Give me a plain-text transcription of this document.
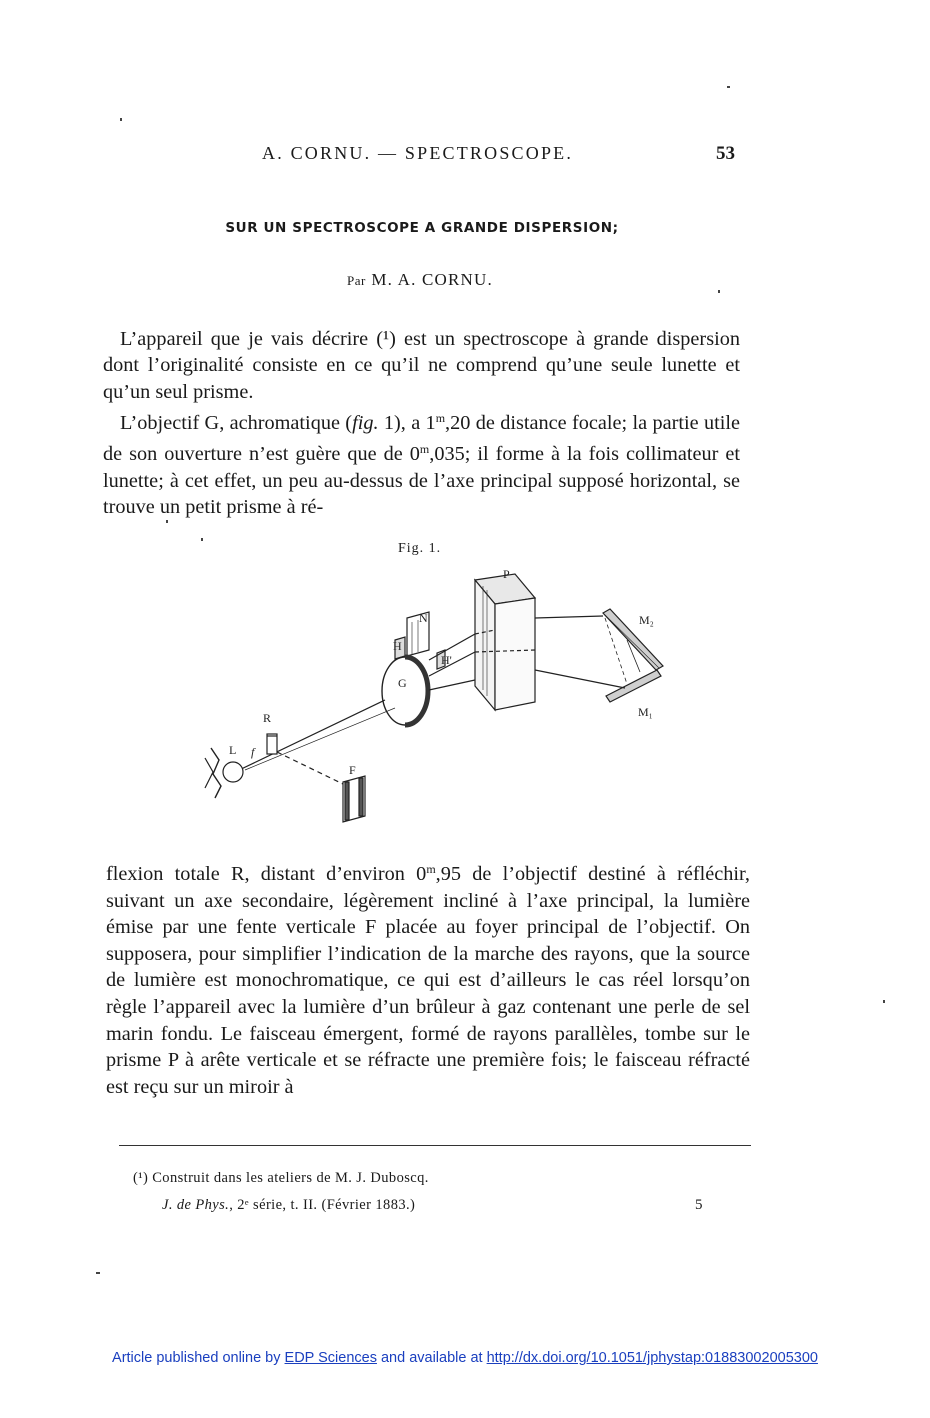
A. CORNU. — SPECTROSCOPE.	53
SUR UN SPECTROSCOPE A GRANDE DISPERSION;
Par M. A. CORNU.

L’appareil que je vais décrire (¹) est un spectroscope à grande dispersion dont l’originalité consiste en ce qu’il ne comprend qu’une seule lunette et qu’un seul prisme.

L’objectif G, achromatique (fig. 1), a 1$^m$,20 de distance focale; la partie utile de son ouverture n’est guère que de 0$^m$,035; il forme à la fois collimateur et lunette; à cet effet, un peu au-dessus de l’axe principal supposé horizontal, se trouve un petit prisme à ré-

Fig. 1.
P
N	M₂
M₁
H
H'
G
R
L f
F

flexion totale R, distant d’environ 0$^m$,95 de l’objectif destiné à réfléchir, suivant un axe secondaire, légèrement incliné à l’axe principal, la lumière émise par une fente verticale F placée au foyer principal de l’objectif. On supposera, pour simplifier l’indication de la marche des rayons, que la source de lumière est monochromatique, ce qui est d’ailleurs le cas réel lorsqu’on règle l’appareil avec la lumière d’un brûleur à gaz contenant une perle de sel marin fondu. Le faisceau émergent, formé de rayons parallèles, tombe sur le prisme P à arête verticale et se réfracte une première fois; le faisceau réfracté est reçu sur un miroir à

(¹) Construit dans les ateliers de M. J. Duboscq.
J. de Phys., 2ᵉ série, t. II. (Février 1883.)	5
Article published online by EDP Sciences and available at http://dx.doi.org/10.1051/jphystap:01883002005300
